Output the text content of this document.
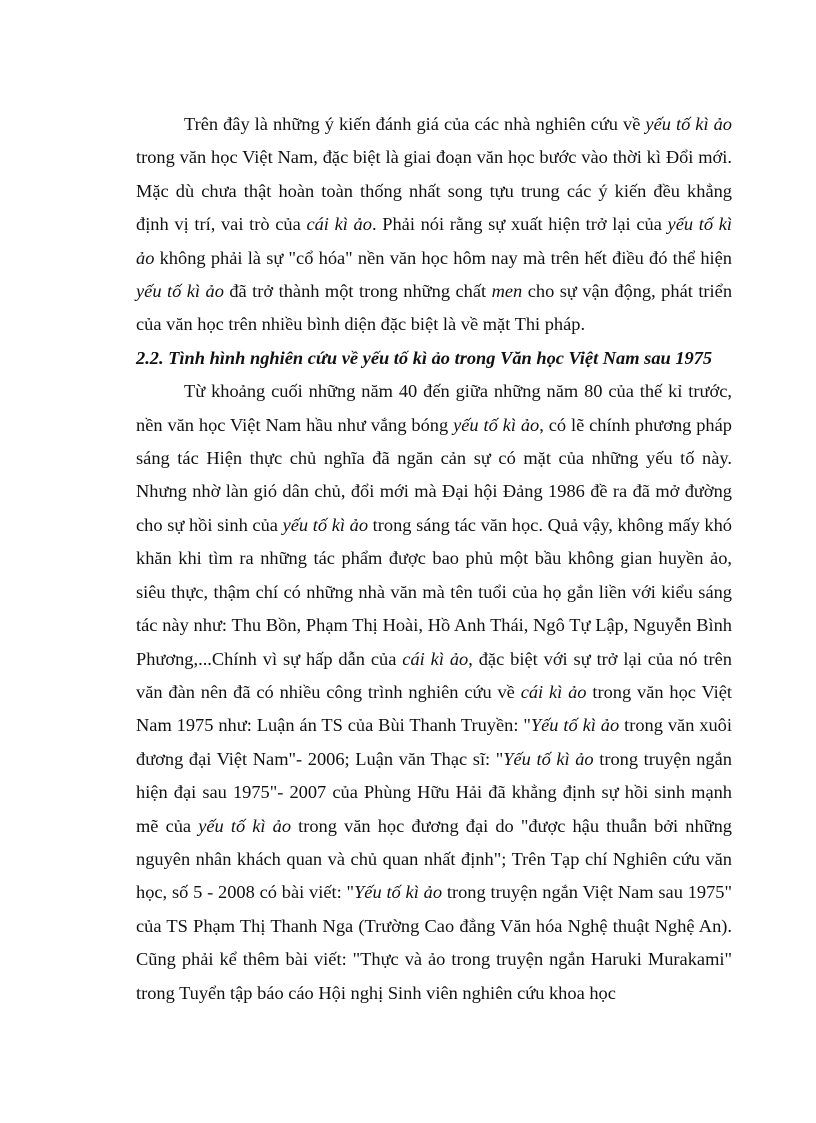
Trên đây là những ý kiến đánh giá của các nhà nghiên cứu về yếu tố kì ảo trong văn học Việt Nam, đặc biệt là giai đoạn văn học bước vào thời kì Đổi mới. Mặc dù chưa thật hoàn toàn thống nhất song tựu trung các ý kiến đều khẳng định vị trí, vai trò của cái kì ảo. Phải nói rằng sự xuất hiện trở lại của yếu tố kì ảo không phải là sự "cổ hóa" nền văn học hôm nay mà trên hết điều đó thể hiện yếu tố kì ảo đã trở thành một trong những chất men cho sự vận động, phát triển của văn học trên nhiều bình diện đặc biệt là về mặt Thi pháp.

2.2. Tình hình nghiên cứu về yếu tố kì ảo trong Văn học Việt Nam sau 1975

Từ khoảng cuối những năm 40 đến giữa những năm 80 của thế kỉ trước, nền văn học Việt Nam hầu như vắng bóng yếu tố kì ảo, có lẽ chính phương pháp sáng tác Hiện thực chủ nghĩa đã ngăn cản sự có mặt của những yếu tố này. Nhưng nhờ làn gió dân chủ, đổi mới mà Đại hội Đảng 1986 đề ra đã mở đường cho sự hồi sinh của yếu tố kì ảo trong sáng tác văn học. Quả vậy, không mấy khó khăn khi tìm ra những tác phẩm được bao phủ một bầu không gian huyền ảo, siêu thực, thậm chí có những nhà văn mà tên tuổi của họ gắn liền với kiểu sáng tác này như: Thu Bồn, Phạm Thị Hoài, Hồ Anh Thái, Ngô Tự Lập, Nguyễn Bình Phương,...Chính vì sự hấp dẫn của cái kì ảo, đặc biệt với sự trở lại của nó trên văn đàn nên đã có nhiều công trình nghiên cứu về cái kì ảo trong văn học Việt Nam 1975 như: Luận án TS của Bùi Thanh Truyền: "Yếu tố kì ảo trong văn xuôi đương đại Việt Nam"- 2006; Luận văn Thạc sĩ: "Yếu tố kì ảo trong truyện ngắn hiện đại sau 1975"- 2007 của Phùng Hữu Hải đã khẳng định sự hồi sinh mạnh mẽ của yếu tố kì ảo trong văn học đương đại do "được hậu thuẫn bởi những nguyên nhân khách quan và chủ quan nhất định"; Trên Tạp chí Nghiên cứu văn học, số 5 - 2008 có bài viết: "Yếu tố kì ảo trong truyện ngắn Việt Nam sau 1975" của TS Phạm Thị Thanh Nga (Trường Cao đẳng Văn hóa Nghệ thuật Nghệ An). Cũng phải kể thêm bài viết: "Thực và ảo trong truyện ngắn Haruki Murakami" trong Tuyển tập báo cáo Hội nghị Sinh viên nghiên cứu khoa học
